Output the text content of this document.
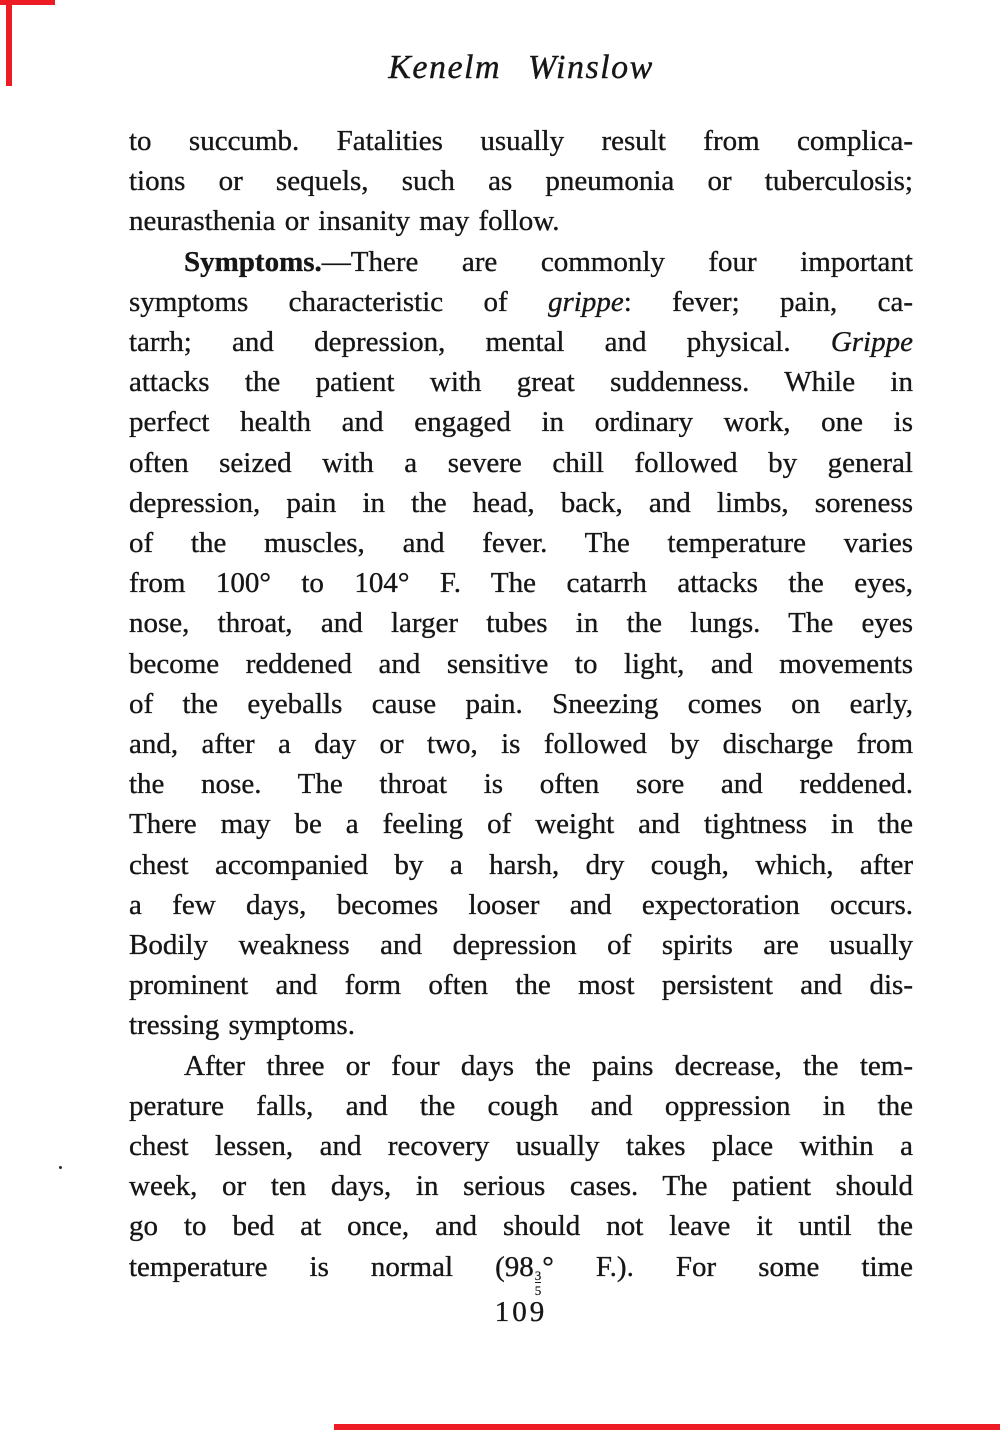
Kenelm Winslow
to succumb. Fatalities usually result from complica-
tions or sequels, such as pneumonia or tuberculosis;
neurasthenia or insanity may follow.
Symptoms.—There are commonly four important
symptoms characteristic of grippe: fever; pain, ca-
tarrh; and depression, mental and physical. Grippe
attacks the patient with great suddenness. While in
perfect health and engaged in ordinary work, one is
often seized with a severe chill followed by general
depression, pain in the head, back, and limbs, soreness
of the muscles, and fever. The temperature varies
from 100° to 104° F. The catarrh attacks the eyes,
nose, throat, and larger tubes in the lungs. The eyes
become reddened and sensitive to light, and movements
of the eyeballs cause pain. Sneezing comes on early,
and, after a day or two, is followed by discharge from
the nose. The throat is often sore and reddened.
There may be a feeling of weight and tightness in the
chest accompanied by a harsh, dry cough, which, after
a few days, becomes looser and expectoration occurs.
Bodily weakness and depression of spirits are usually
prominent and form often the most persistent and dis-
tressing symptoms.
After three or four days the pains decrease, the tem-
perature falls, and the cough and oppression in the
chest lessen, and recovery usually takes place within a
week, or ten days, in serious cases. The patient should
go to bed at once, and should not leave it until the
temperature is normal (98
$\frac{3}{5}$
° F.). For some time
109
